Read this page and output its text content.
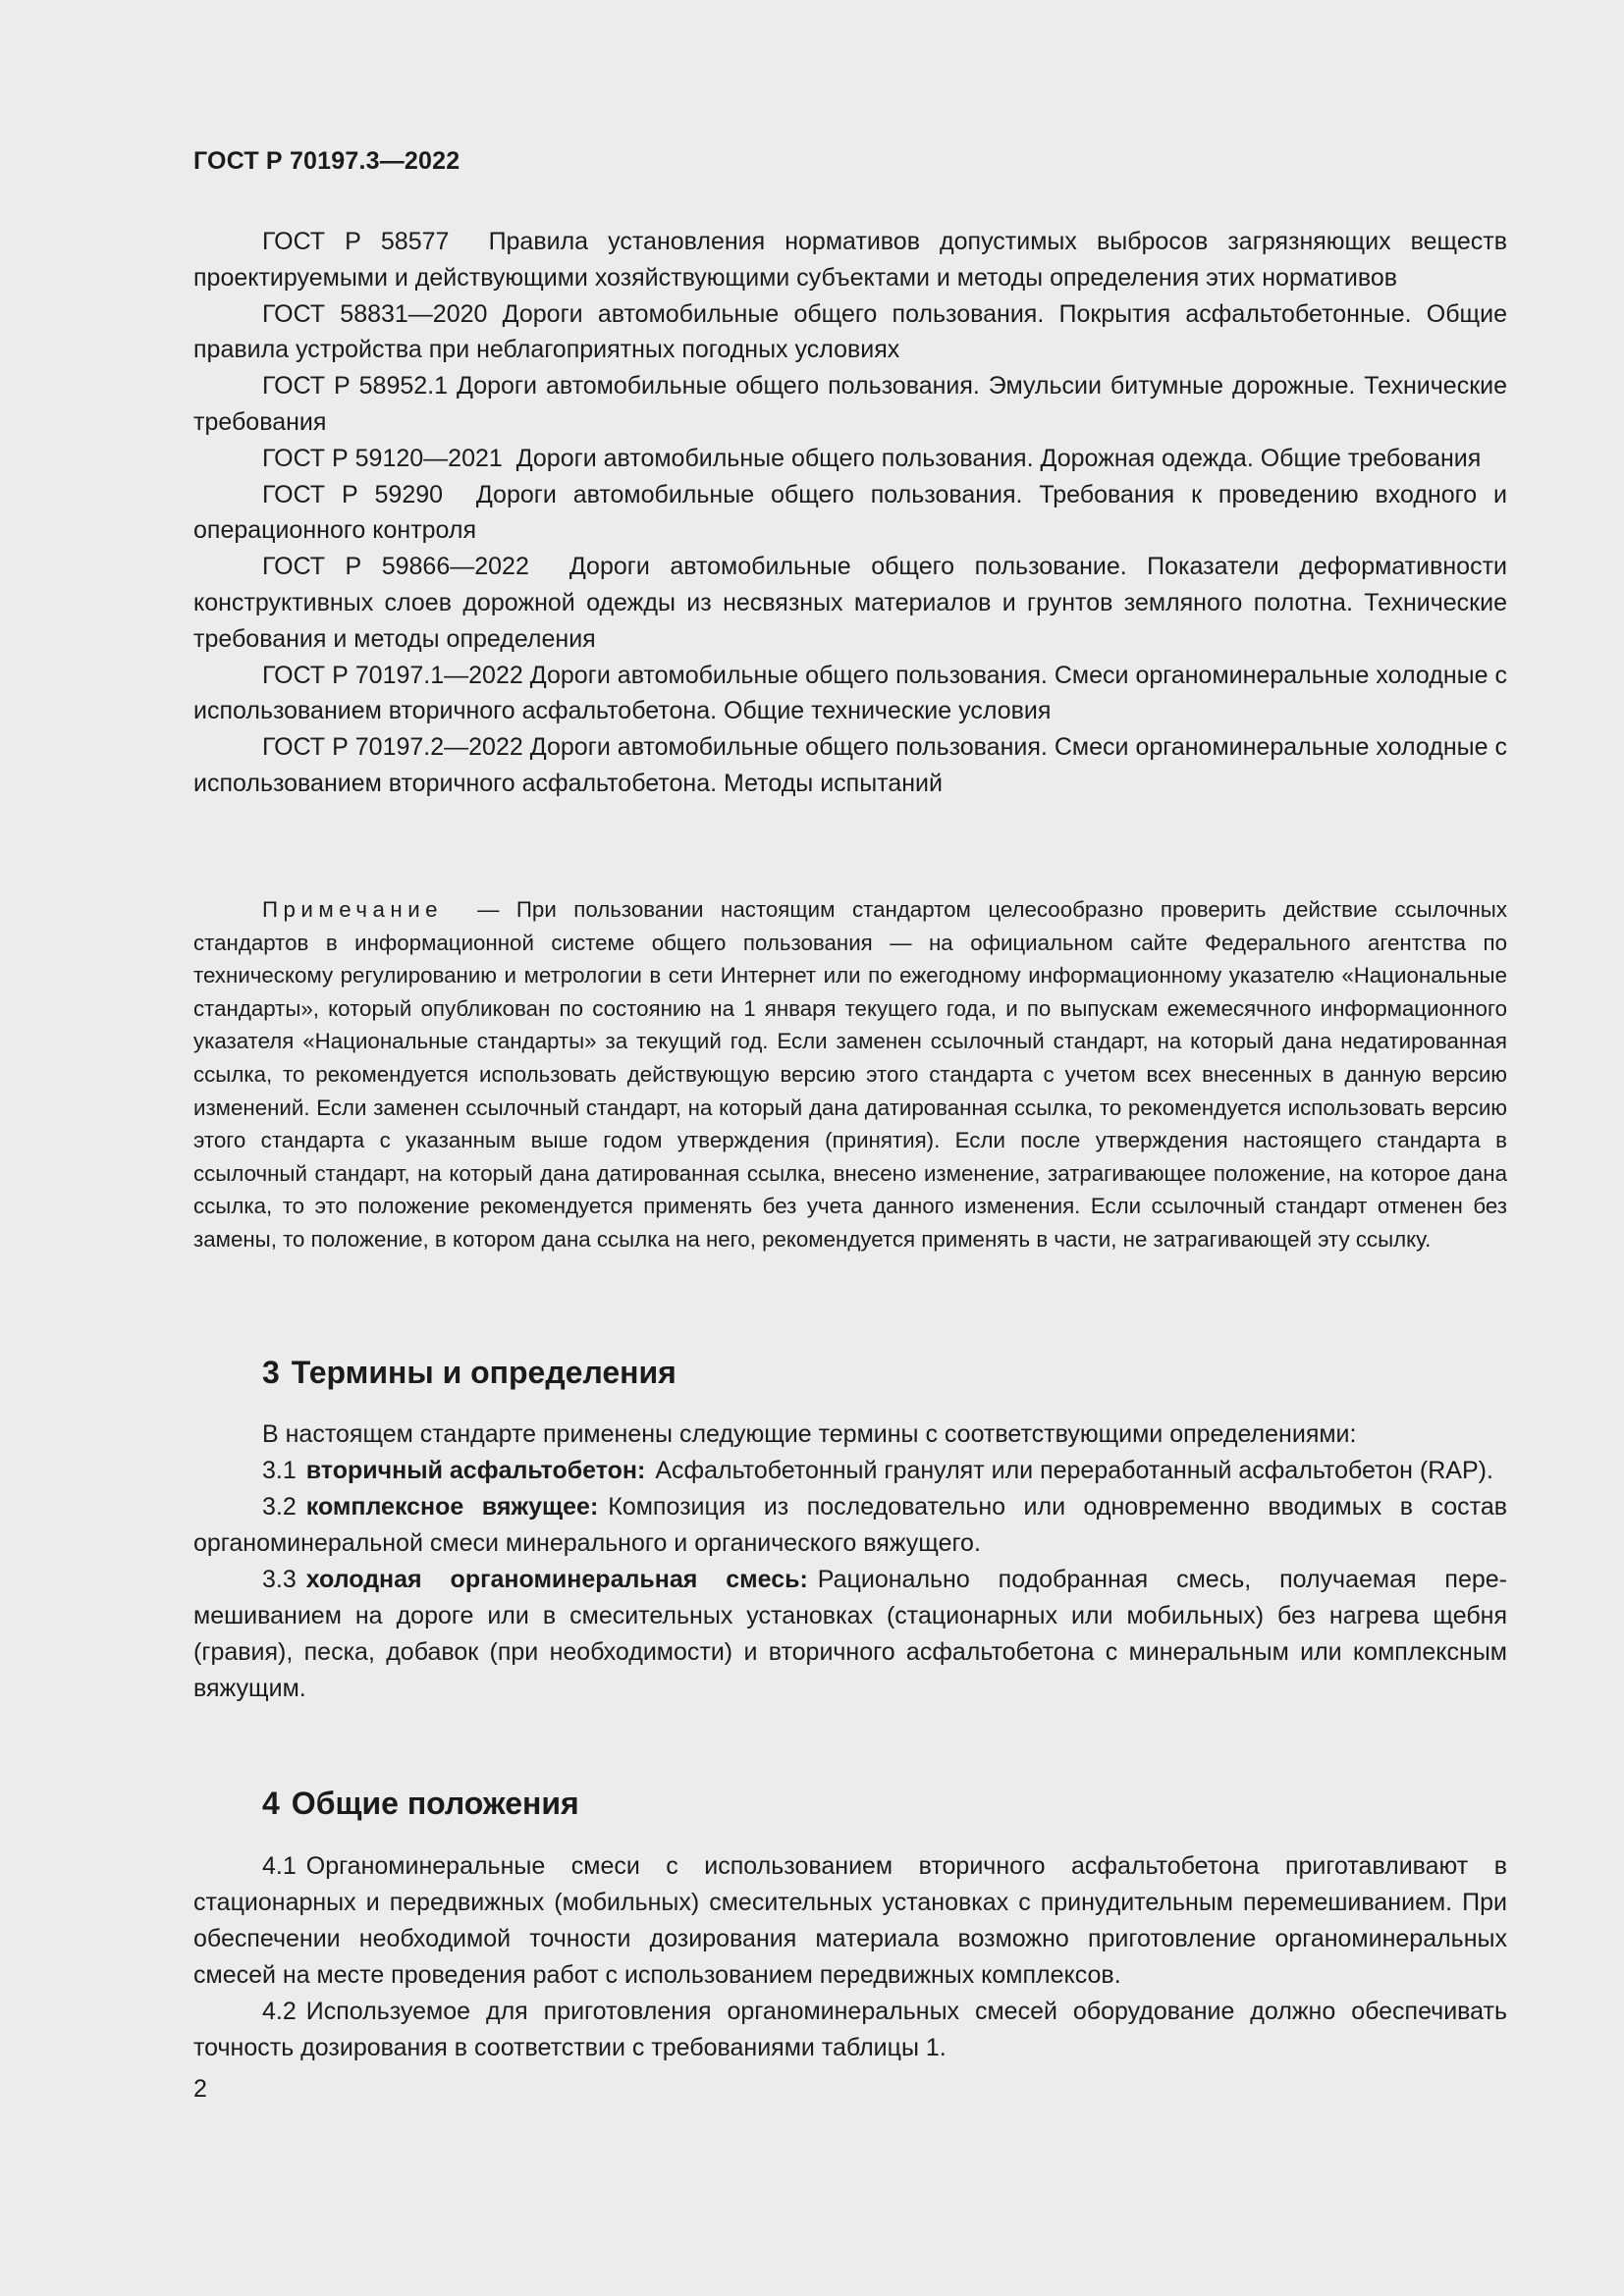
ГОСТ Р 70197.3—2022

ГОСТ Р 58577 Правила установления нормативов допустимых выбросов загрязняющих веществ проектируемыми и действующими хозяйствующими субъектами и методы определения этих нормативов

ГОСТ 58831—2020 Дороги автомобильные общего пользования. Покрытия асфальтобетонные. Общие правила устройства при неблагоприятных погодных условиях

ГОСТ Р 58952.1 Дороги автомобильные общего пользования. Эмульсии битумные дорожные. Технические требования

ГОСТ Р 59120—2021 Дороги автомобильные общего пользования. Дорожная одежда. Общие требования

ГОСТ Р 59290 Дороги автомобильные общего пользования. Требования к проведению входного и операционного контроля

ГОСТ Р 59866—2022 Дороги автомобильные общего пользование. Показатели деформативности конструктивных слоев дорожной одежды из несвязных материалов и грунтов земляного полотна. Технические требования и методы определения

ГОСТ Р 70197.1—2022 Дороги автомобильные общего пользования. Смеси органоминеральные холодные с использованием вторичного асфальтобетона. Общие технические условия

ГОСТ Р 70197.2—2022 Дороги автомобильные общего пользования. Смеси органоминеральные холодные с использованием вторичного асфальтобетона. Методы испытаний

Примечание — При пользовании настоящим стандартом целесообразно проверить действие ссылочных стандартов в информационной системе общего пользования — на официальном сайте Федерального агентства по техническому регулированию и метрологии в сети Интернет или по ежегодному информационному указателю «Национальные стандарты», который опубликован по состоянию на 1 января текущего года, и по выпускам ежемесячного информационного указателя «Национальные стандарты» за текущий год. Если заменен ссылочный стандарт, на который дана недатированная ссылка, то рекомендуется использовать действующую версию этого стандарта с учетом всех внесенных в данную версию изменений. Если заменен ссылочный стандарт, на который дана датированная ссылка, то рекомендуется использовать версию этого стандарта с указанным выше годом утверждения (принятия). Если после утверждения настоящего стандарта в ссылочный стандарт, на который дана датированная ссылка, внесено изменение, затрагивающее положение, на которое дана ссылка, то это положение рекомендуется применять без учета данного изменения. Если ссылочный стандарт отменен без замены, то положение, в котором дана ссылка на него, рекомендуется применять в части, не затрагивающей эту ссылку.

3 Термины и определения

В настоящем стандарте применены следующие термины с соответствующими определениями:

3.1 вторичный асфальтобетон: Асфальтобетонный гранулят или переработанный асфальтобетон (RAP).

3.2 комплексное вяжущее: Композиция из последовательно или одновременно вводимых в состав органоминеральной смеси минерального и органического вяжущего.

3.3 холодная органоминеральная смесь: Рационально подобранная смесь, получаемая перемешиванием на дороге или в смесительных установках (стационарных или мобильных) без нагрева щебня (гравия), песка, добавок (при необходимости) и вторичного асфальтобетона с минеральным или комплексным вяжущим.

4 Общие положения

4.1 Органоминеральные смеси с использованием вторичного асфальтобетона приготавливают в стационарных и передвижных (мобильных) смесительных установках с принудительным перемешиванием. При обеспечении необходимой точности дозирования материала возможно приготовление органоминеральных смесей на месте проведения работ с использованием передвижных комплексов.

4.2 Используемое для приготовления органоминеральных смесей оборудование должно обеспечивать точность дозирования в соответствии с требованиями таблицы 1.

2
